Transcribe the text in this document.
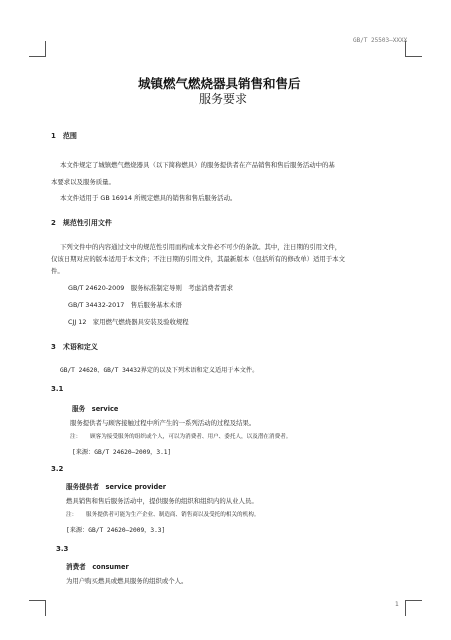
GB/T 25503—XXXX
城镇燃气燃烧器具销售和售后
服务要求
1　范围
本文件规定了城镇燃气燃烧器具（以下简称燃具）的服务提供者在产品销售和售后服务活动中的基
本要求以及服务质量。
本文件适用于 GB 16914 所规定燃具的销售和售后服务活动。
2　规范性引用文件
下列文件中的内容通过文中的规范性引用而构成本文件必不可少的条款。其中，注日期的引用文件，
仅该日期对应的版本适用于本文件；不注日期的引用文件，其最新版本（包括所有的修改单）适用于本文
件。
GB/T 24620-2009　服务标准制定导则　考虑消费者需求
GB/T 34432-2017　售后服务基本术语
CJJ 12　家用燃气燃烧器具安装及验收规程
3　术语和定义
GB/T 24620、GB/T 34432界定的以及下列术语和定义适用于本文件。
3.1
服务　service
服务提供者与顾客接触过程中所产生的一系列活动的过程及结果。
注： 顾客为接受服务的组织或个人，可以为消费者、用户、委托人，以及潜在消费者。
[来源：GB/T 24620—2009，3.1]
3.2
服务提供者　service provider
燃具销售和售后服务活动中，提供服务的组织和组织内的从业人员。
注： 服务提供者可能为生产企业、制造商、销售商以及受托的相关的机构。
[来源：GB/T 24620—2009，3.3]
3.3
消费者　consumer
为用户购买燃具或燃具服务的组织或个人。
1
